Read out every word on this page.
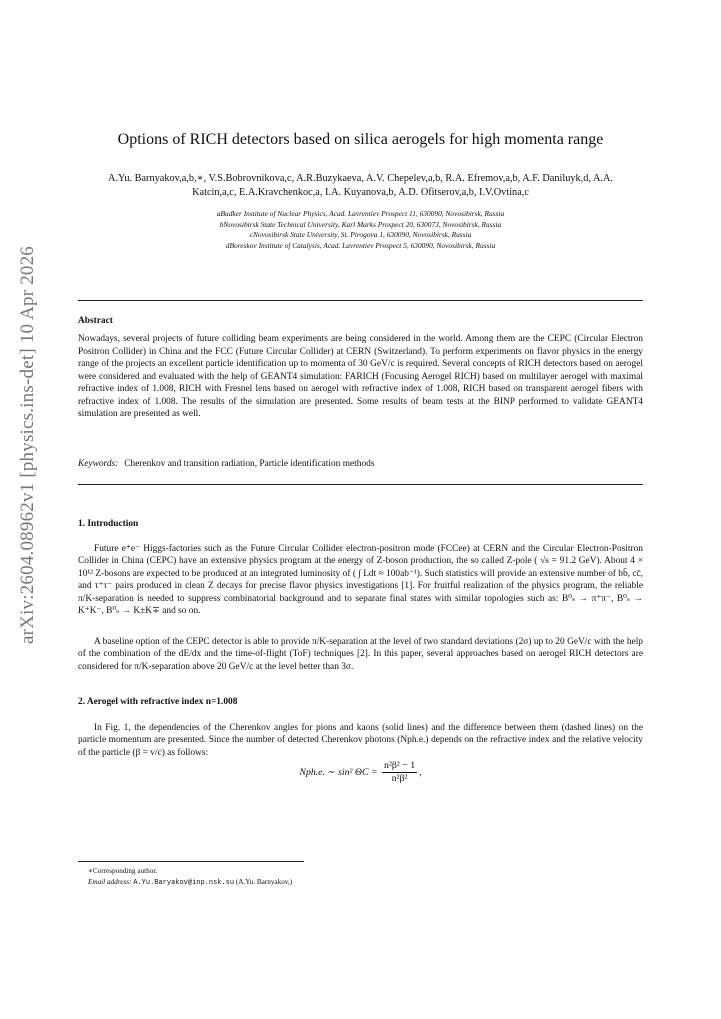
arXiv:2604.08962v1 [physics.ins-det] 10 Apr 2026
Options of RICH detectors based on silica aerogels for high momenta range
A.Yu. Barnyakov,a,b,∗, V.S.Bobrovnikova,c, A.R.Buzykaeva, A.V. Chepelev,a,b, R.A. Efremov,a,b, A.F. Daniluyk,d, A.A.
Katcin,a,c, E.A.Kravchenkoc,a, I.A. Kuyanova,b, A.D. Ofitserov,a,b, I.V.Ovtina,c
aBudker Institute of Nuclear Physics, Acad. Lavrentiev Prospect 11, 630090, Novosibirsk, Russia
bNovosibirsk State Technical University, Karl Marks Prospect 20, 630073, Novosibirsk, Russia
cNovosibirsk State University, St. Pirogova 1, 630090, Novosibirsk, Russia
dBoreskov Institute of Catalysis, Acad. Lavrentiev Prospect 5, 630090, Novosibirsk, Russia
Abstract
Nowadays, several projects of future colliding beam experiments are being considered in the world. Among them are the CEPC (Circular Electron Positron Collider) in China and the FCC (Future Circular Collider) at CERN (Switzerland). To perform experiments on flavor physics in the energy range of the projects an excellent particle identification up to momenta of 30 GeV/c is required. Several concepts of RICH detectors based on aerogel were considered and evaluated with the help of GEANT4 simulation: FARICH (Focusing Aerogel RICH) based on multilayer aerogel with maximal refractive index of 1.008, RICH with Fresnel lens based on aerogel with refractive index of 1.008, RICH based on transparent aerogel fibers with refractive index of 1.008. The results of the simulation are presented. Some results of beam tests at the BINP performed to validate GEANT4 simulation are presented as well.
Keywords: Cherenkov and transition radiation, Particle identification methods
1. Introduction
Future e⁺e⁻ Higgs-factories such as the Future Circular Collider electron-positron mode (FCCee) at CERN and the Circular Electron-Positron Collider in China (CEPC) have an extensive physics program at the energy of Z-boson production, the so called Z-pole ( √s = 91.2 GeV). About 4 × 10¹² Z-bosons are expected to be produced at an integrated luminosity of ( ∫ Ldt ≈ 100ab⁻¹). Such statistics will provide an extensive number of bb̄, cc̄, and τ⁺τ⁻ pairs produced in clean Z decays for precise flavor physics investigations [1]. For fruitful realization of the physics program, the reliable π/K-separation is needed to suppress combinatorial background and to separate final states with similar topologies such as: B⁰ₛ → π⁺π⁻, B⁰ₛ → K⁺K⁻, B⁰ₛ → K±K∓ and so on.
A baseline option of the CEPC detector is able to provide π/K-separation at the level of two standard deviations (2σ) up to 20 GeV/c with the help of the combination of the dE/dx and the time-of-flight (ToF) techniques [2]. In this paper, several approaches based on aerogel RICH detectors are considered for π/K-separation above 20 GeV/c at the level better than 3σ.
2. Aerogel with refractive index n=1.008
In Fig. 1, the dependencies of the Cherenkov angles for pions and kaons (solid lines) and the difference between them (dashed lines) on the particle momentum are presented. Since the number of detected Cherenkov photons (Nph.e.) depends on the refractive index and the relative velocity of the particle (β = v/c) as follows:
Nph.e. ∼ sin² $\Theta C = \frac{\text{n²β² − 1}}{\text{n²β²}}$ ,
∗Corresponding author.
Email address: A.Yu.Baryakov@inp.nsk.su (A.Yu. Barnyakov,)
